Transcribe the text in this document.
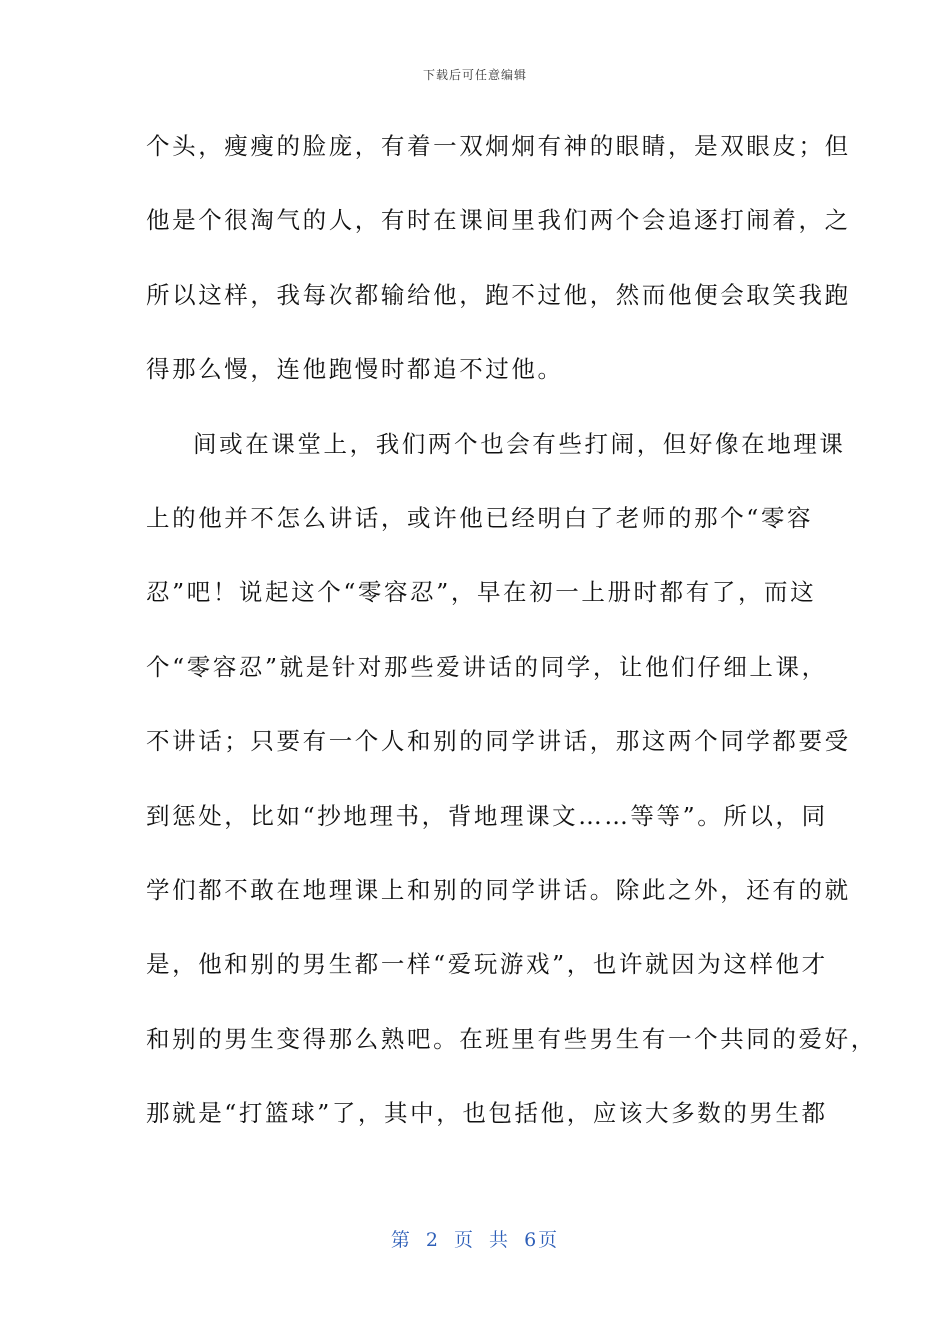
下载后可任意编辑
个头，瘦瘦的脸庞，有着一双炯炯有神的眼睛，是双眼皮；但
他是个很淘气的人，有时在课间里我们两个会追逐打闹着，之
所以这样，我每次都输给他，跑不过他，然而他便会取笑我跑
得那么慢，连他跑慢时都追不过他。
间或在课堂上，我们两个也会有些打闹，但好像在地理课
上的他并不怎么讲话，或许他已经明白了老师的那个“零容
忍”吧！说起这个“零容忍”，早在初一上册时都有了，而这
个“零容忍”就是针对那些爱讲话的同学，让他们仔细上课，
不讲话；只要有一个人和别的同学讲话，那这两个同学都要受
到惩处，比如“抄地理书，背地理课文……等等”。所以，同
学们都不敢在地理课上和别的同学讲话。除此之外，还有的就
是，他和别的男生都一样“爱玩游戏”，也许就因为这样他才
和别的男生变得那么熟吧。在班里有些男生有一个共同的爱好，
那就是“打篮球”了，其中，也包括他，应该大多数的男生都
第 2 页 共 6页
